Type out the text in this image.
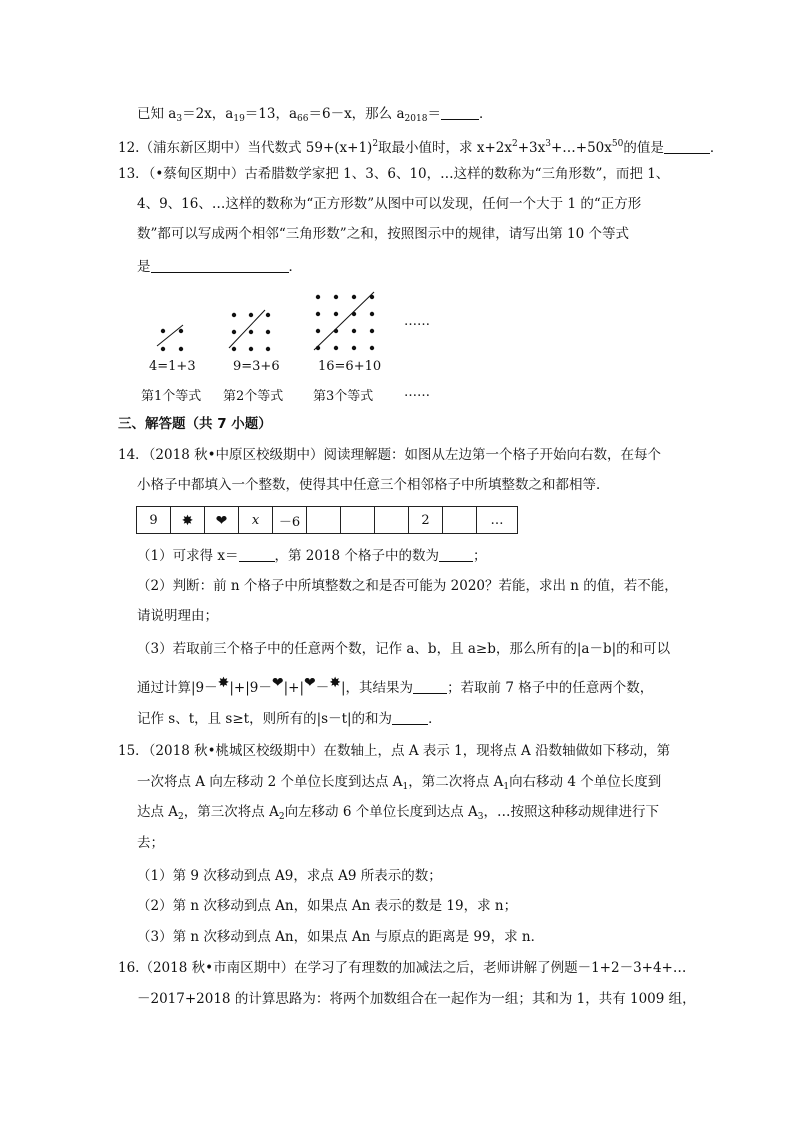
已知 $a_3=2x$，$a_{19}=13$，$a_{66}=6-x$，那么 $a_{2018}=$	．
12.（浦东新区期中）当代数式 $59+(x+1)^2$取最小值时，求 $x+2x^2+3x^3+\dots+50x^{50}$的值是	．
13．（•蔡甸区期中）古希腊数学家把 1、3、6、10，…这样的数称为“三角形数”，而把 1、
4、9、16、…这样的数称为“正方形数”从图中可以发现，任何一个大于 1 的“正方形
数”都可以写成两个相邻“三角形数”之和，按照图示中的规律，请写出第 10 个等式
是	．
……
4=1+3	9=3+6	16=6+10
第1个等式 第2个等式 第3个等式 ……
三、解答题（共 7 小题）
14．（2018 秋•中原区校级期中）阅读理解题：如图从左边第一个格子开始向右数，在每个
小格子中都填入一个整数，使得其中任意三个相邻格子中所填整数之和都相等．
9	✸	❤	x	－6				2		…
（1）可求得 x＝	，第 2018 个格子中的数为	；
（2）判断：前 n 个格子中所填整数之和是否可能为 2020？若能，求出 n 的值，若不能，
请说明理由；
（3）若取前三个格子中的任意两个数，记作 a、b，且 a≥b，那么所有的|a－b|的和可以
通过计算|9－✸|+|9－❤|+|❤－✸|，其结果为	；若取前 7 格子中的任意两个数，
记作 s、t，且 s≥t，则所有的|s－t|的和为	．
15．（2018 秋•桃城区校级期中）在数轴上，点 A 表示 1，现将点 A 沿数轴做如下移动，第
一次将点 A 向左移动 2 个单位长度到达点 $A_1$，第二次将点 $A_1$向右移动 4 个单位长度到
达点 $A_2$，第三次将点 $A_2$向左移动 6 个单位长度到达点 $A_3$，…按照这种移动规律进行下
去；
（1）第 9 次移动到点 A9，求点 A9 所表示的数；
（2）第 n 次移动到点 An，如果点 An 表示的数是 19，求 n；
（3）第 n 次移动到点 An，如果点 An 与原点的距离是 99，求 n．
16.（2018 秋•市南区期中）在学习了有理数的加减法之后，老师讲解了例题－1+2－3+4+…
－2017+2018 的计算思路为：将两个加数组合在一起作为一组；其和为 1，共有 1009 组，
